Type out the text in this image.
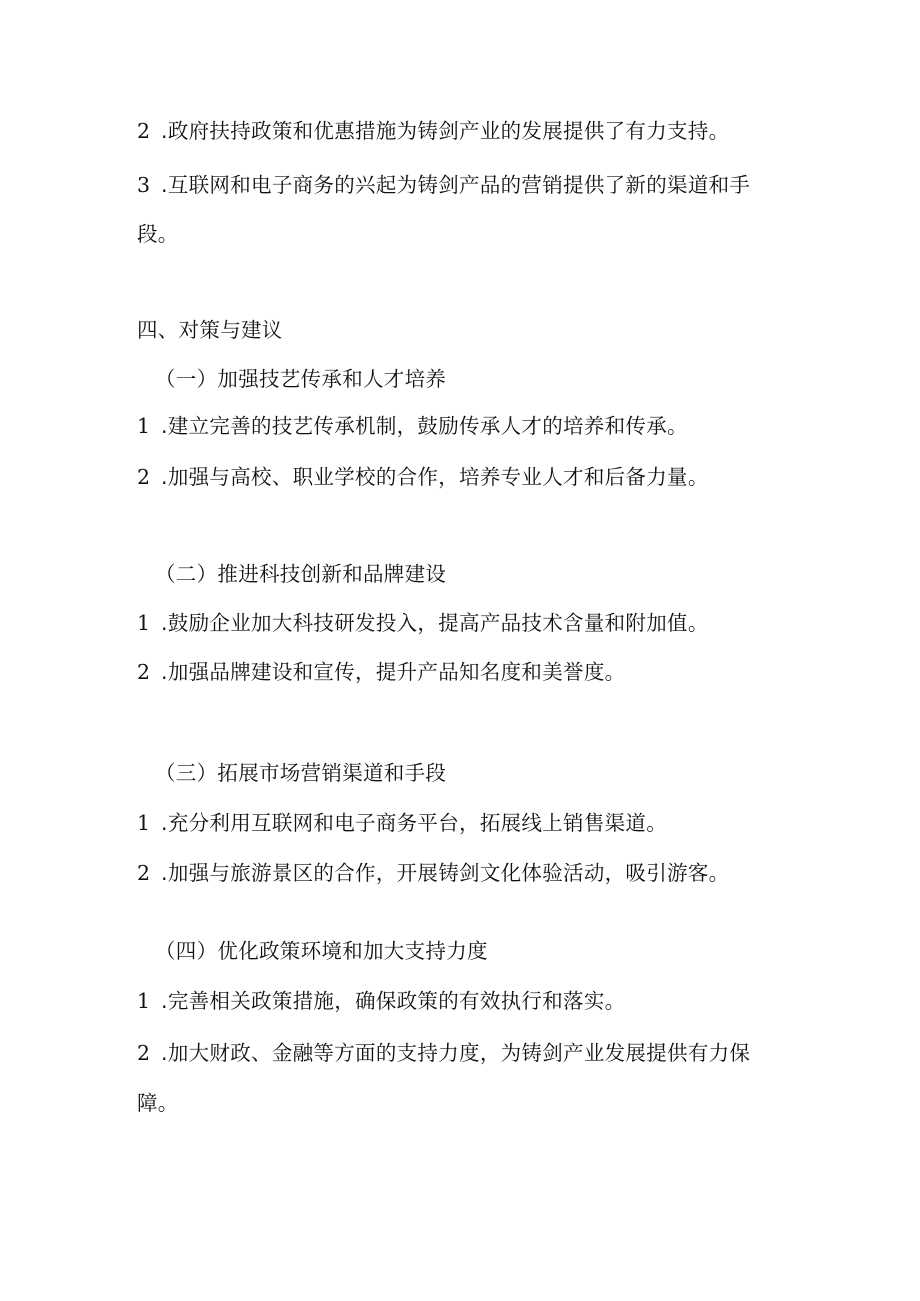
2 .政府扶持政策和优惠措施为铸剑产业的发展提供了有力支持。
3 .互联网和电子商务的兴起为铸剑产品的营销提供了新的渠道和手
段。
四、对策与建议
（一）加强技艺传承和人才培养
1 .建立完善的技艺传承机制，鼓励传承人才的培养和传承。
2 .加强与高校、职业学校的合作，培养专业人才和后备力量。
（二）推进科技创新和品牌建设
1 .鼓励企业加大科技研发投入，提高产品技术含量和附加值。
2 .加强品牌建设和宣传，提升产品知名度和美誉度。
（三）拓展市场营销渠道和手段
1 .充分利用互联网和电子商务平台，拓展线上销售渠道。
2 .加强与旅游景区的合作，开展铸剑文化体验活动，吸引游客。
（四）优化政策环境和加大支持力度
1 .完善相关政策措施，确保政策的有效执行和落实。
2 .加大财政、金融等方面的支持力度，为铸剑产业发展提供有力保
障。
